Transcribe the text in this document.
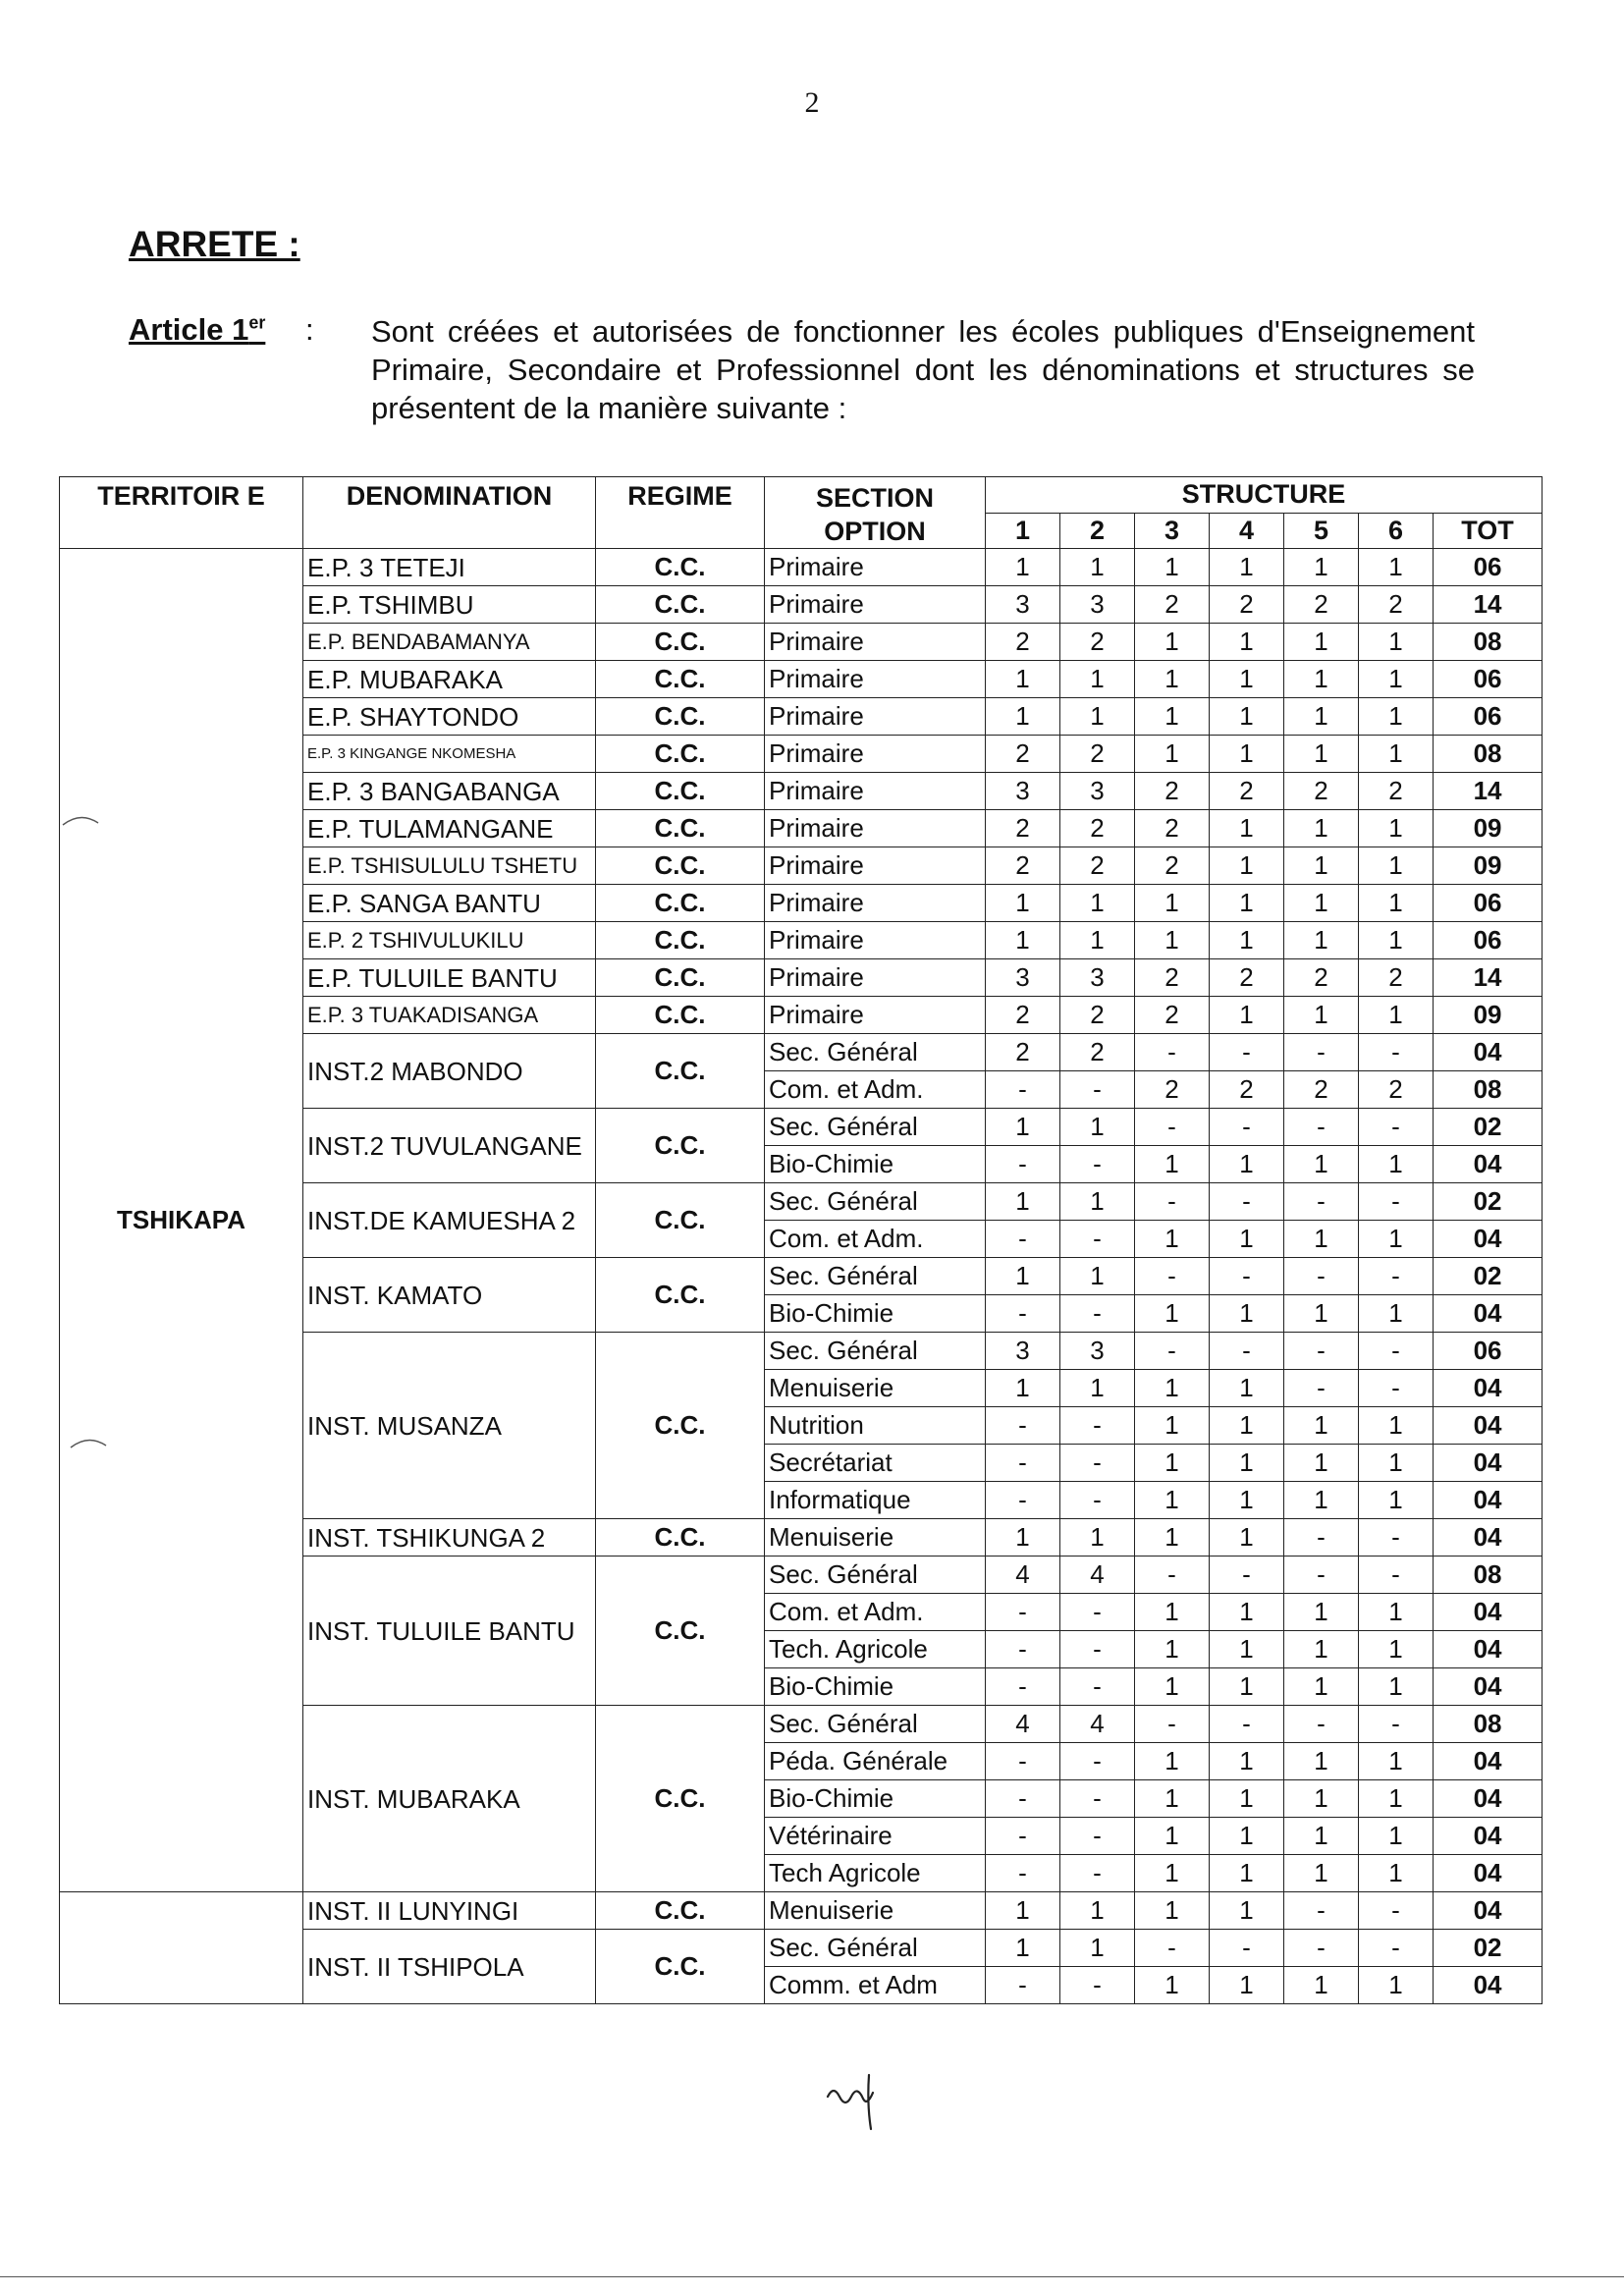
2
ARRETE :
Article 1er : Sont créées et autorisées de fonctionner les écoles publiques d'Enseignement Primaire, Secondaire et Professionnel dont les dénominations et structures se présentent de la manière suivante :
TERRITOIR E	DENOMINATION	REGIME	SECTION OPTION	STRUCTURE						
				1	2	3	4	5	6	TOT
TSHIKAPA	E.P. 3 TETEJI	C.C.	Primaire	1	1	1	1	1	1	06
	E.P. TSHIMBU	C.C.	Primaire	3	3	2	2	2	2	14
	E.P. BENDABAMANYA	C.C.	Primaire	2	2	1	1	1	1	08
	E.P. MUBARAKA	C.C.	Primaire	1	1	1	1	1	1	06
	E.P. SHAYTONDO	C.C.	Primaire	1	1	1	1	1	1	06
	E.P. 3 KINGANGE NKOMESHA	C.C.	Primaire	2	2	1	1	1	1	08
	E.P. 3 BANGABANGA	C.C.	Primaire	3	3	2	2	2	2	14
	E.P. TULAMANGANE	C.C.	Primaire	2	2	2	1	1	1	09
	E.P. TSHISULULU TSHETU	C.C.	Primaire	2	2	2	1	1	1	09
	E.P. SANGA BANTU	C.C.	Primaire	1	1	1	1	1	1	06
	E.P. 2 TSHIVULUKILU	C.C.	Primaire	1	1	1	1	1	1	06
	E.P. TULUILE BANTU	C.C.	Primaire	3	3	2	2	2	2	14
	E.P. 3 TUAKADISANGA	C.C.	Primaire	2	2	2	1	1	1	09
	INST.2 MABONDO	C.C.	Sec. Général	2	2	-	-	-	-	04
			Com. et Adm.	-	-	2	2	2	2	08
	INST.2 TUVULANGANE	C.C.	Sec. Général	1	1	-	-	-	-	02
			Bio-Chimie	-	-	1	1	1	1	04
	INST.DE KAMUESHA 2	C.C.	Sec. Général	1	1	-	-	-	-	02
			Com. et Adm.	-	-	1	1	1	1	04
	INST. KAMATO	C.C.	Sec. Général	1	1	-	-	-	-	02
			Bio-Chimie	-	-	1	1	1	1	04
	INST. MUSANZA	C.C.	Sec. Général	3	3	-	-	-	-	06
			Menuiserie	1	1	1	1	-	-	04
			Nutrition	-	-	1	1	1	1	04
			Secrétariat	-	-	1	1	1	1	04
			Informatique	-	-	1	1	1	1	04
	INST. TSHIKUNGA 2	C.C.	Menuiserie	1	1	1	1	-	-	04
	INST. TULUILE BANTU	C.C.	Sec. Général	4	4	-	-	-	-	08
			Com. et Adm.	-	-	1	1	1	1	04
			Tech. Agricole	-	-	1	1	1	1	04
			Bio-Chimie	-	-	1	1	1	1	04
	INST. MUBARAKA	C.C.	Sec. Général	4	4	-	-	-	-	08
			Péda. Générale	-	-	1	1	1	1	04
			Bio-Chimie	-	-	1	1	1	1	04
			Vétérinaire	-	-	1	1	1	1	04
			Tech Agricole	-	-	1	1	1	1	04
	INST. II LUNYINGI	C.C.	Menuiserie	1	1	1	1	-	-	04
	INST. II TSHIPOLA	C.C.	Sec. Général	1	1	-	-	-	-	02
			Comm. et Adm	-	-	1	1	1	1	04
